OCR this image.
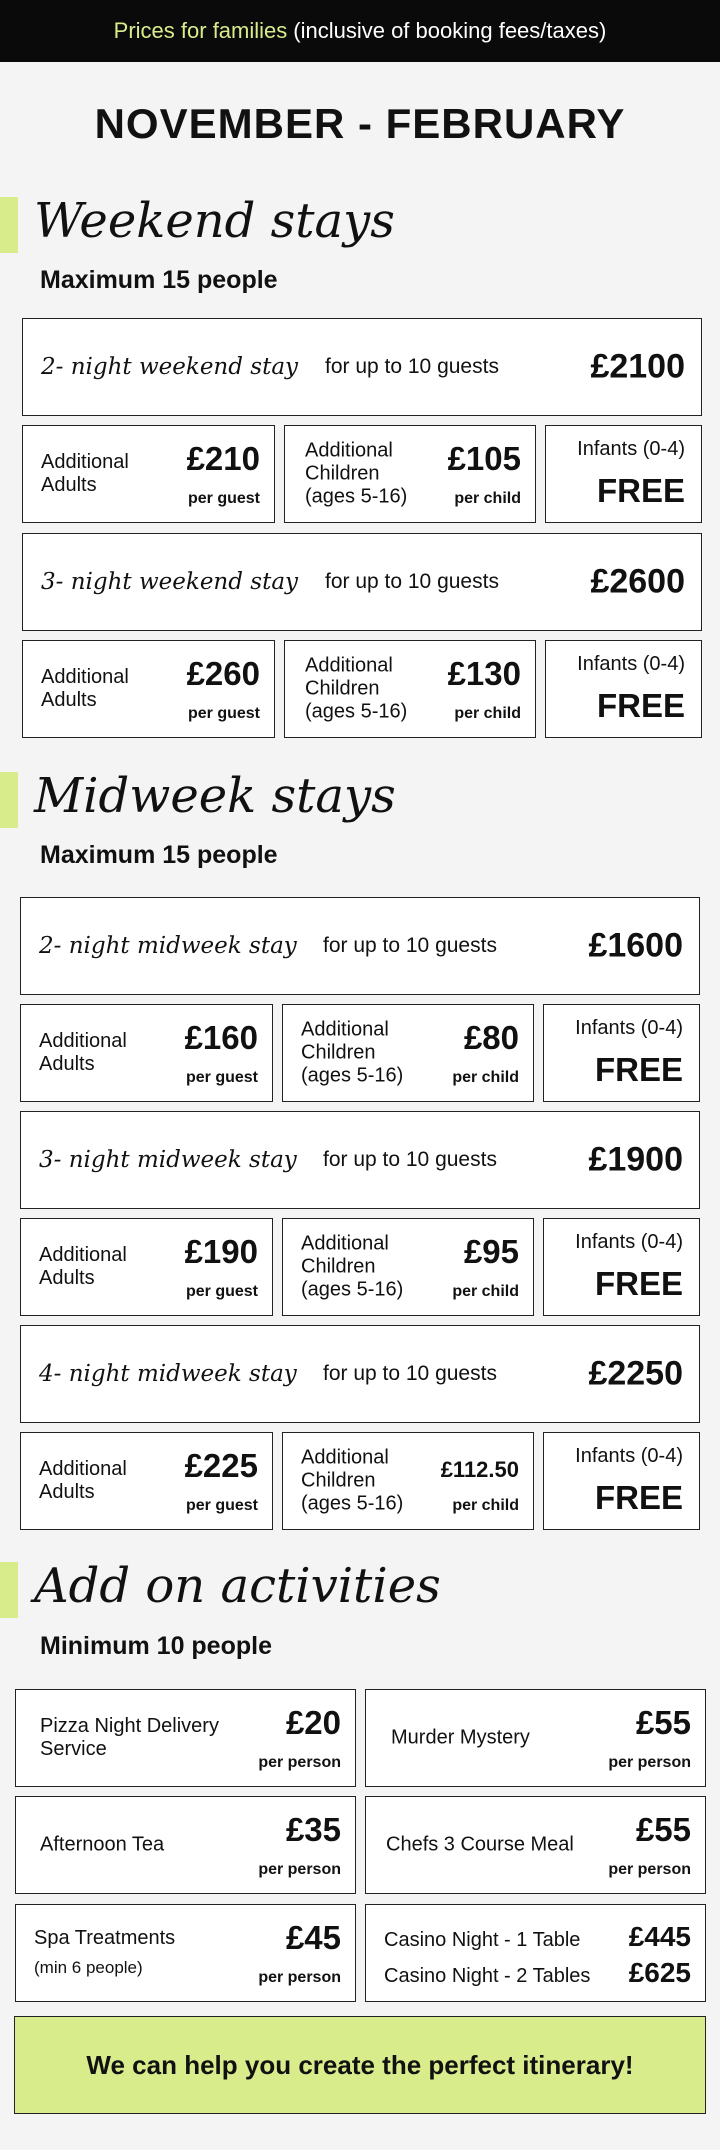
Prices for families (inclusive of booking fees/taxes)
NOVEMBER - FEBRUARY
Weekend stays
Maximum 15 people
2- night weekend stay for up to 10 guests	£2100
Additional Adults
£210
per guest
Additional Children (ages 5-16)
£105
per child
Infants (0-4)
FREE
3- night weekend stay for up to 10 guests	£2600
Additional Adults
£260
per guest
Additional Children (ages 5-16)
£130
per child
Infants (0-4)
FREE
Midweek stays
Maximum 15 people
2- night midweek stay for up to 10 guests	£1600
Additional Adults
£160
per guest
Additional Children (ages 5-16)
£80
per child
Infants (0-4)
FREE
3- night midweek stay for up to 10 guests	£1900
Additional Adults
£190
per guest
Additional Children (ages 5-16)
£95
per child
Infants (0-4)
FREE
4- night midweek stay for up to 10 guests	£2250
Additional Adults
£225
per guest
Additional Children (ages 5-16)
£112.50
per child
Infants (0-4)
FREE
Add on activities
Minimum 10 people
Pizza Night Delivery Service
£20
per person
Murder Mystery	£55
per person
Afternoon Tea	£35
per person
Chefs 3 Course Meal £55
per person
Spa Treatments
(min 6 people)
£45
per person
Casino Night - 1 Table £445
Casino Night - 2 Tables £625
We can help you create the perfect itinerary!
